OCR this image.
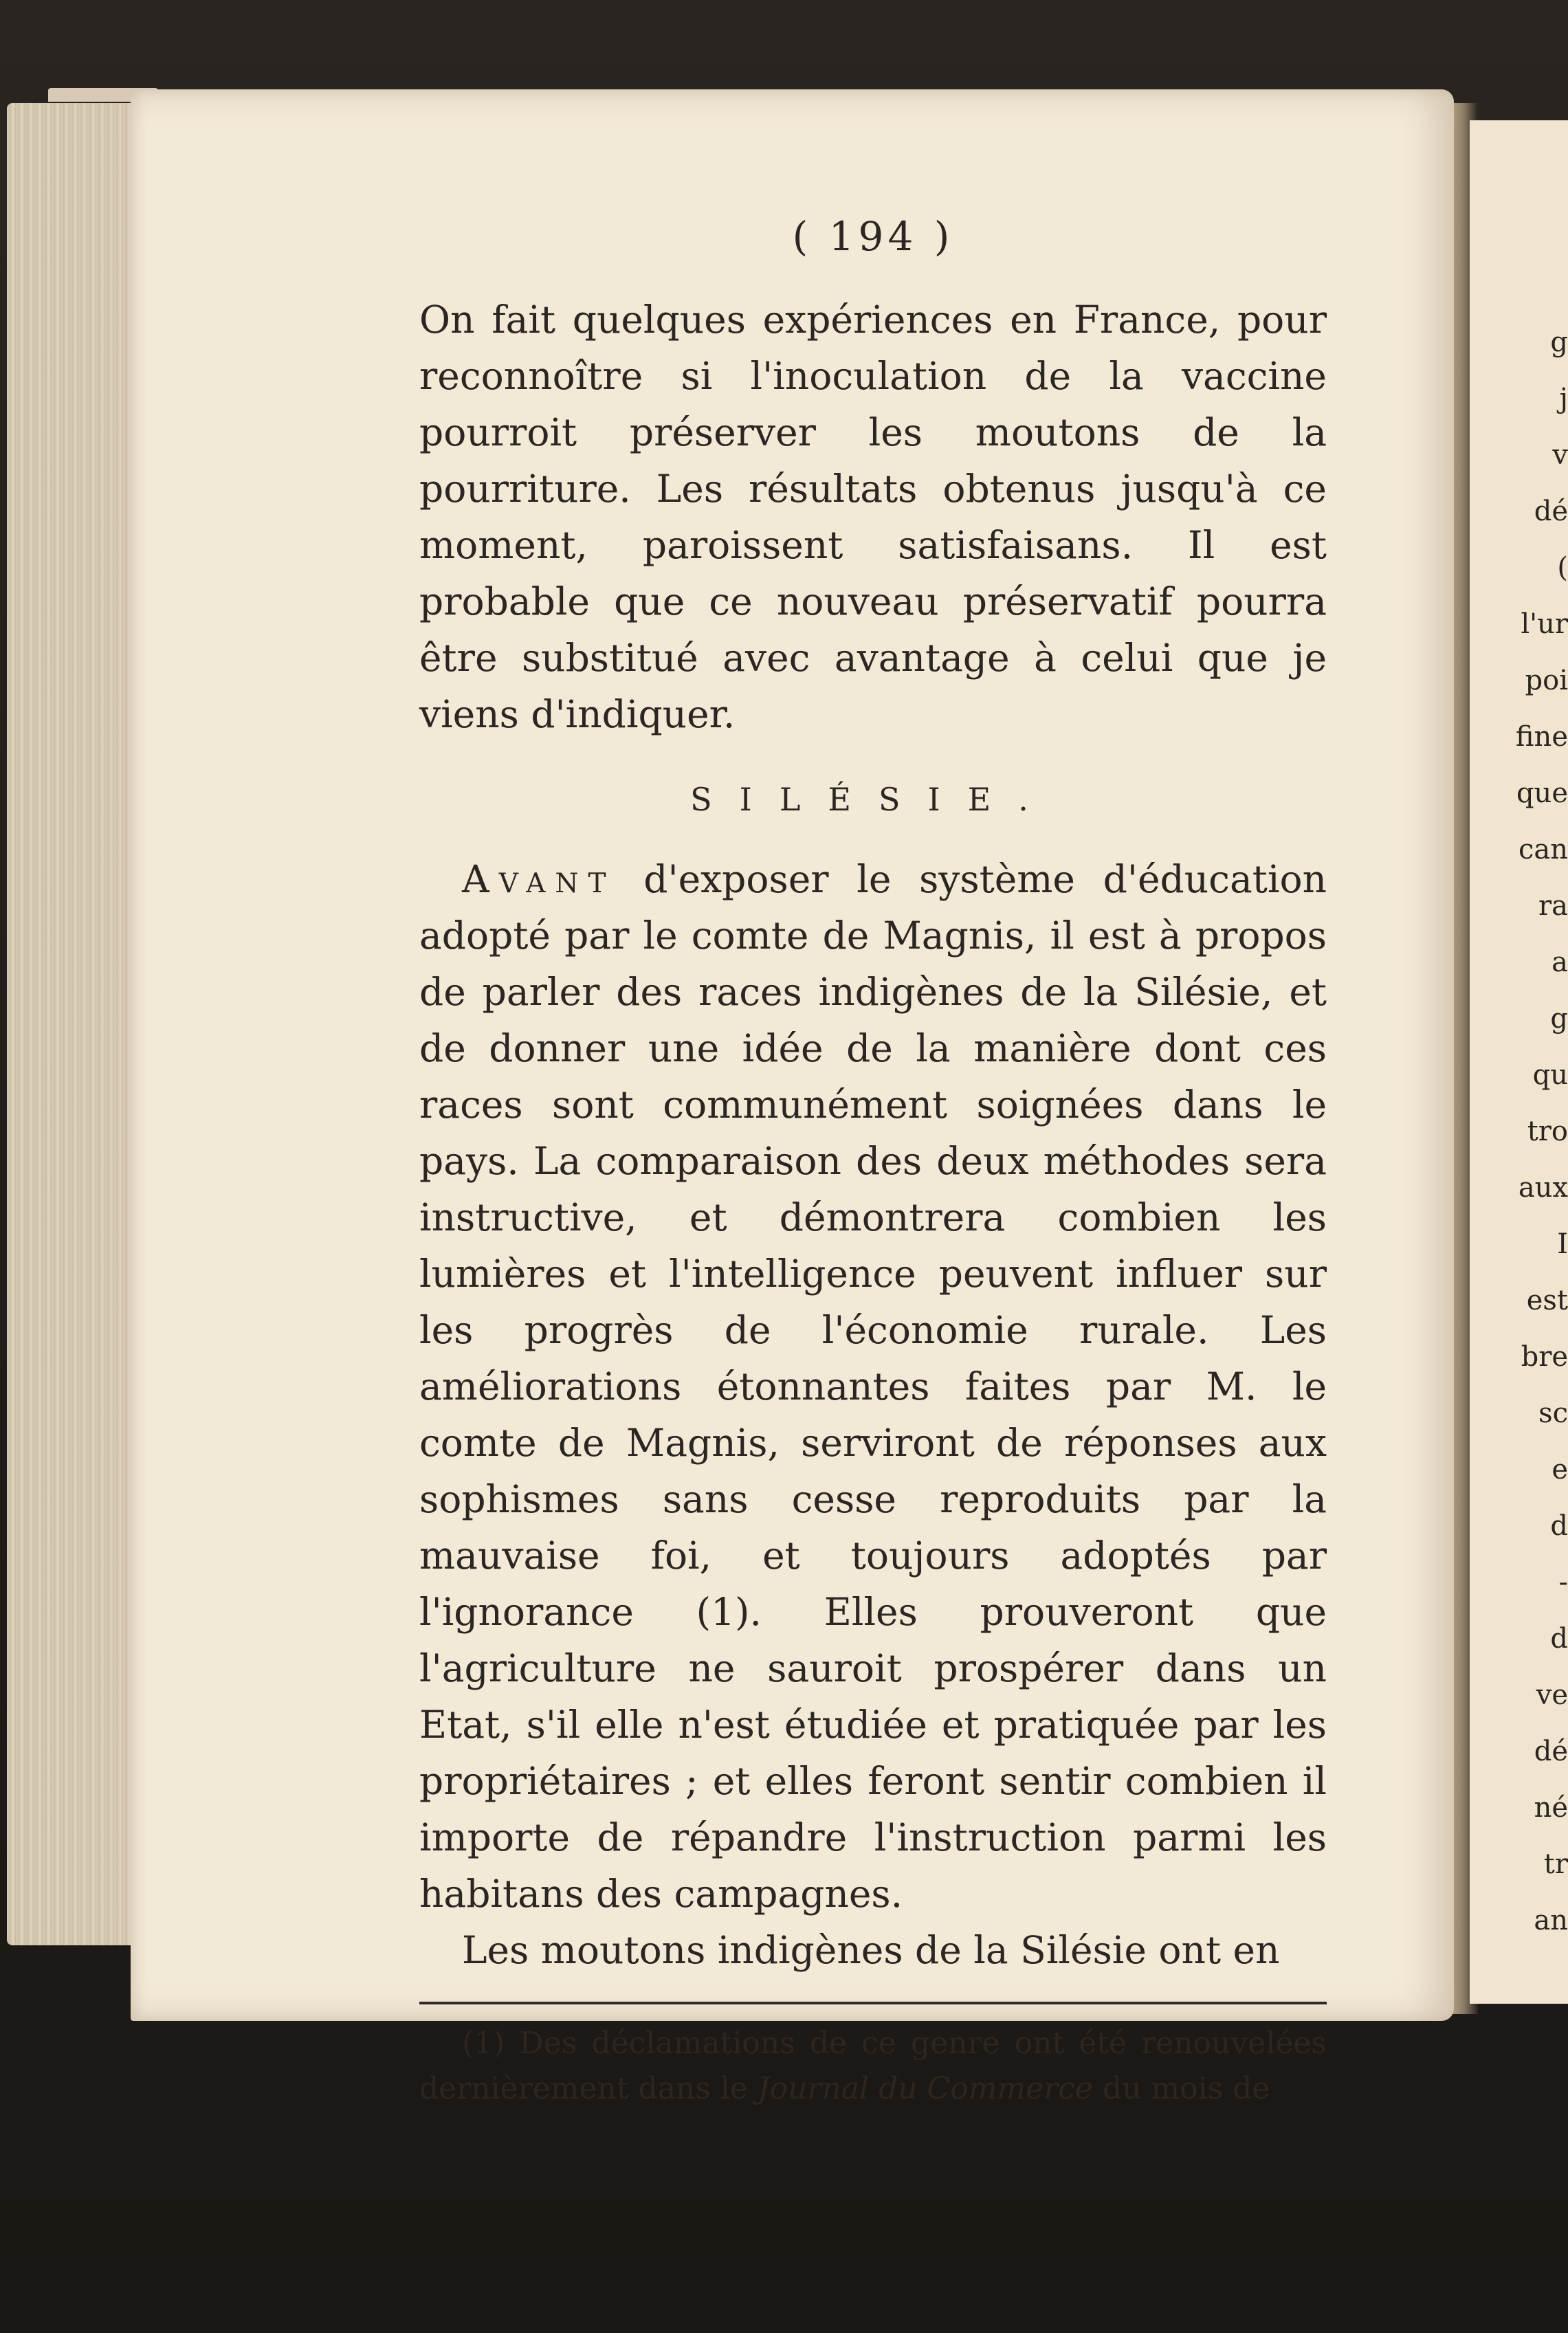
g
j
v
dé
(
l'ur
poi
fine
que
can
ra
a
g
qu
tro
aux
I
est
bre
sc
e
d
-
d
ve
dé
né
tr
an
( 194 )

On fait quelques expériences en France, pour reconnoître si l'inoculation de la vaccine pourroit préserver les moutons de la pourriture. Les résultats obtenus jusqu'à ce moment, paroissent satisfaisans. Il est probable que ce nouveau préservatif pourra être substitué avec avantage à celui que je viens d'indiquer.

SILÉSIE.

Avant d'exposer le système d'éducation adopté par le comte de Magnis, il est à propos de parler des races indigènes de la Silésie, et de donner une idée de la manière dont ces races sont communément soignées dans le pays. La comparaison des deux méthodes sera instructive, et démontrera combien les lumières et l'intelligence peuvent influer sur les progrès de l'économie rurale. Les améliorations étonnantes faites par M. le comte de Magnis, serviront de réponses aux sophismes sans cesse reproduits par la mauvaise foi, et toujours adoptés par l'ignorance (1). Elles prouveront que l'agriculture ne sauroit prospérer dans un Etat, s'il elle n'est étudiée et pratiquée par les propriétaires ; et elles feront sentir combien il importe de répandre l'instruction parmi les habitans des campagnes.

Les moutons indigènes de la Silésie ont en

(1) Des déclamations de ce genre ont été renouvelées dernièrement dans le Journal du Commerce du mois de
